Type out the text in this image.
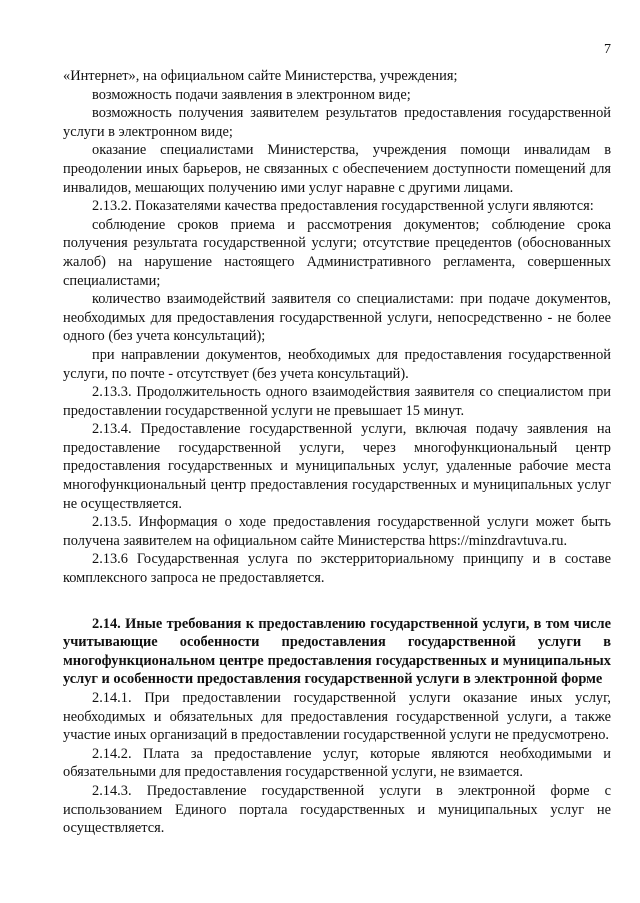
7

«Интернет», на официальном сайте Министерства, учреждения;

возможность подачи заявления в электронном виде;

возможность получения заявителем результатов предоставления государственной услуги в электронном виде;

оказание специалистами Министерства, учреждения помощи инвалидам в преодолении иных барьеров, не связанных с обеспечением доступности помещений для инвалидов, мешающих получению ими услуг наравне с другими лицами.

2.13.2. Показателями качества предоставления государственной услуги являются:

соблюдение сроков приема и рассмотрения документов; соблюдение срока получения результата государственной услуги; отсутствие прецедентов (обоснованных жалоб) на нарушение настоящего Административного регламента, совершенных специалистами;

количество взаимодействий заявителя со специалистами: при подаче документов, необходимых для предоставления государственной услуги, непосредственно - не более одного (без учета консультаций);

при направлении документов, необходимых для предоставления государственной услуги, по почте - отсутствует (без учета консультаций).

2.13.3. Продолжительность одного взаимодействия заявителя со специалистом при предоставлении государственной услуги не превышает 15 минут.

2.13.4. Предоставление государственной услуги, включая подачу заявления на предоставление государственной услуги, через многофункциональный центр предоставления государственных и муниципальных услуг, удаленные рабочие места многофункциональный центр предоставления государственных и муниципальных услуг не осуществляется.

2.13.5. Информация о ходе предоставления государственной услуги может быть получена заявителем на официальном сайте Министерства https://minzdravtuva.ru.

2.13.6 Государственная услуга по экстерриториальному принципу и в составе комплексного запроса не предоставляется.

2.14. Иные требования к предоставлению государственной услуги, в том числе учитывающие особенности предоставления государственной услуги в многофункциональном центре предоставления государственных и муниципальных услуг и особенности предоставления государственной услуги в электронной форме

2.14.1. При предоставлении государственной услуги оказание иных услуг, необходимых и обязательных для предоставления государственной услуги, а также участие иных организаций в предоставлении государственной услуги не предусмотрено.

2.14.2. Плата за предоставление услуг, которые являются необходимыми и обязательными для предоставления государственной услуги, не взимается.

2.14.3. Предоставление государственной услуги в электронной форме с использованием Единого портала государственных и муниципальных услуг не осуществляется.
